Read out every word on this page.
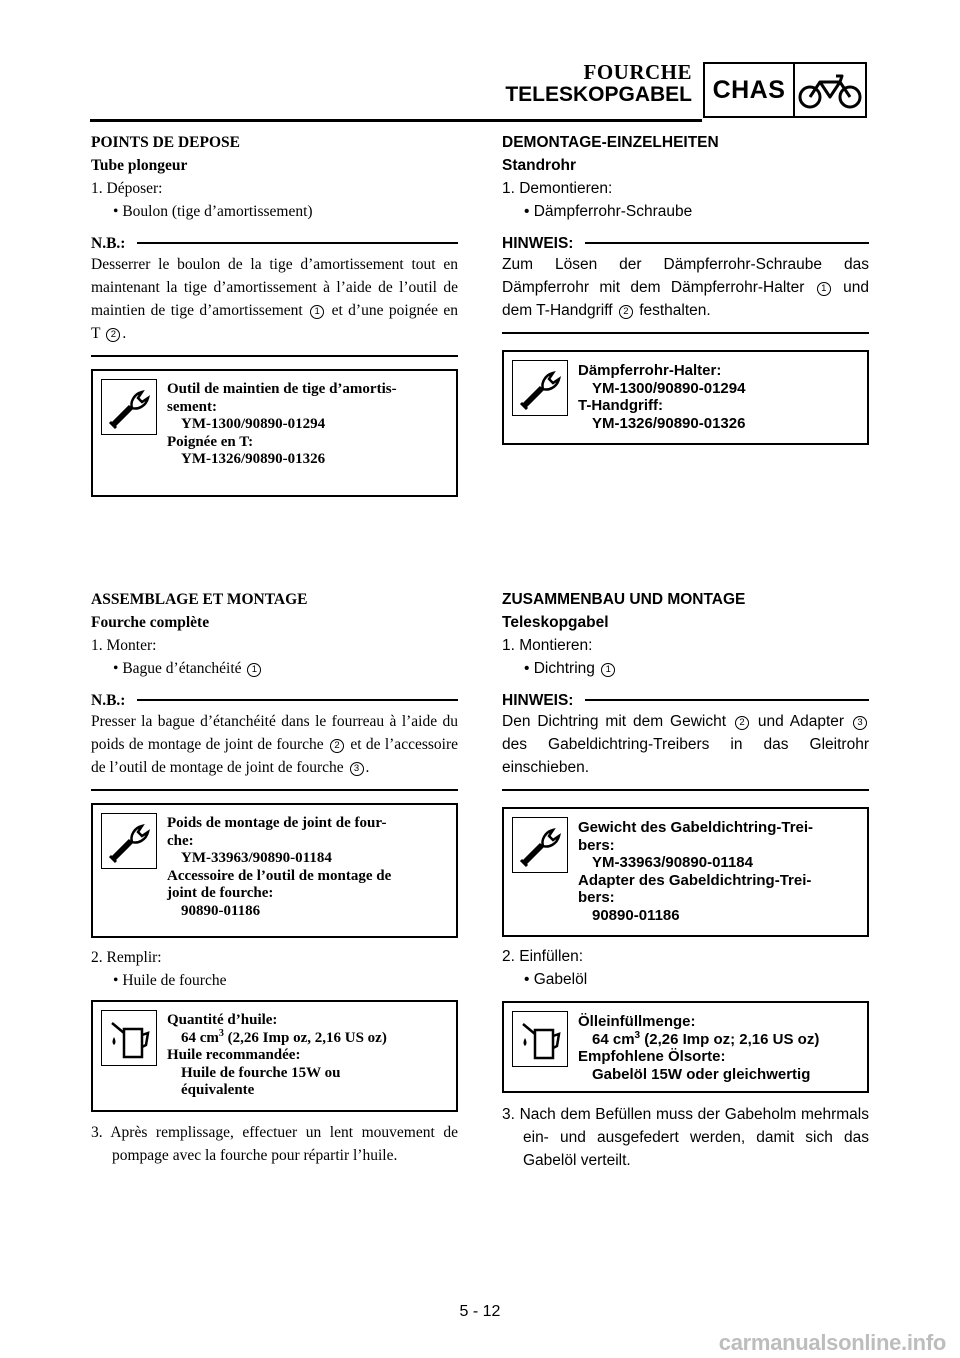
FOURCHE
TELESKOPGABEL CHAS
POINTS DE DEPOSE
Tube plongeur
1. Déposer:
• Boulon (tige d’amortissement)
N.B.:
Desserrer le boulon de la tige d’amortissement tout en maintenant la tige d’amortissement à l’aide de l’outil de maintien de tige d’amortissement 1 et d’une poignée en T 2 .
Outil de maintien de tige d’amortis-
sement:
YM-1300/90890-01294
Poignée en T:
YM-1326/90890-01326
DEMONTAGE-EINZELHEITEN
Standrohr
1. Demontieren:
• Dämpferrohr-Schraube
HINWEIS:
Zum Lösen der Dämpferrohr-Schraube das Dämpferrohr mit dem Dämpferrohr-Halter 1 und dem T-Handgriff 2 festhalten.
Dämpferrohr-Halter:
YM-1300/90890-01294
T-Handgriff:
YM-1326/90890-01326
ASSEMBLAGE ET MONTAGE
Fourche complète
1. Monter:
• Bague d’étanchéité 1
N.B.:
Presser la bague d’étanchéité dans le fourreau à l’aide du poids de montage de joint de fourche 2 et de l’accessoire de l’outil de montage de joint de fourche 3 .
Poids de montage de joint de four-
che:
YM-33963/90890-01184
Accessoire de l’outil de montage de
joint de fourche:
90890-01186
2. Remplir:
• Huile de fourche
Quantité d’huile:
64 $cm^3$ (2,26 Imp oz, 2,16 US oz)
Huile recommandée:
Huile de fourche 15W ou
équivalente
3. Après remplissage, effectuer un lent mouvement de pompage avec la fourche pour répartir l’huile.
ZUSAMMENBAU UND MONTAGE
Teleskopgabel
1. Montieren:
• Dichtring 1
HINWEIS:
Den Dichtring mit dem Gewicht 2 und Adapter 3 des Gabeldichtring-Treibers in das Gleitrohr einschieben.
Gewicht des Gabeldichtring-Trei-
bers:
YM-33963/90890-01184
Adapter des Gabeldichtring-Trei-
bers:
90890-01186
2. Einfüllen:
• Gabelöl
Ölleinfüllmenge:
64 $cm^3$ (2,26 Imp oz; 2,16 US oz)
Empfohlene Ölsorte:
Gabelöl 15W oder gleichwertig
3. Nach dem Befüllen muss der Gabeholm mehrmals ein- und ausgefedert werden, damit sich das Gabelöl verteilt.
5 - 12
carmanualsonline.info
